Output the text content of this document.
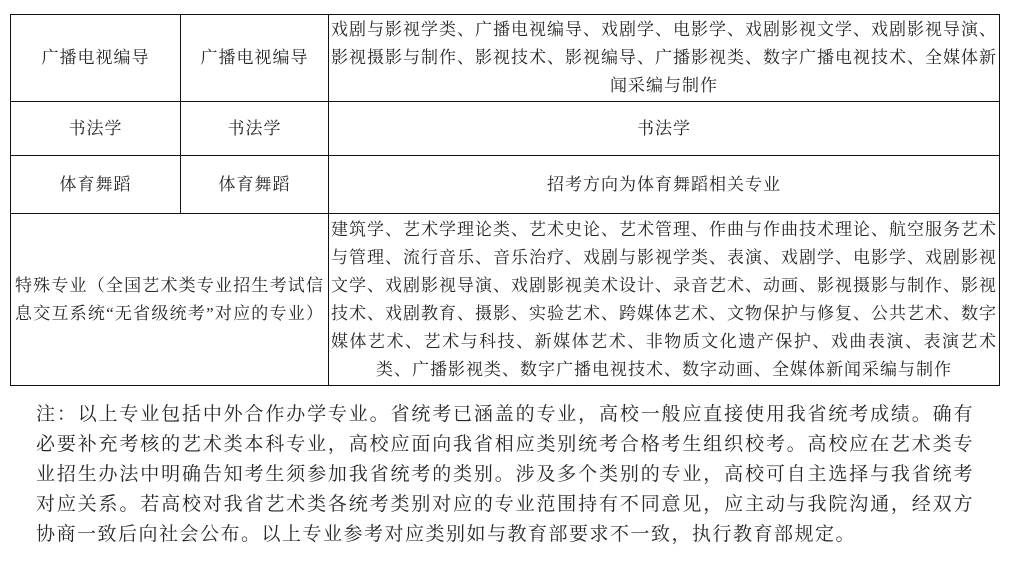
广播电视编导	广播电视编导	戏剧与影视学类、广播电视编导、戏剧学、电影学、戏剧影视文学、戏剧影视导演、影视摄影与制作、影视技术、影视编导、广播影视类、数字广播电视技术、全媒体新闻采编与制作
书法学	书法学	书法学
体育舞蹈	体育舞蹈	招考方向为体育舞蹈相关专业
特殊专业（全国艺术类专业招生考试信息交互系统“无省级统考”对应的专业）		建筑学、艺术学理论类、艺术史论、艺术管理、作曲与作曲技术理论、航空服务艺术与管理、流行音乐、音乐治疗、戏剧与影视学类、表演、戏剧学、电影学、戏剧影视文学、戏剧影视导演、戏剧影视美术设计、录音艺术、动画、影视摄影与制作、影视技术、戏剧教育、摄影、实验艺术、跨媒体艺术、文物保护与修复、公共艺术、数字媒体艺术、艺术与科技、新媒体艺术、非物质文化遗产保护、戏曲表演、表演艺术类、广播影视类、数字广播电视技术、数字动画、全媒体新闻采编与制作
注：以上专业包括中外合作办学专业。省统考已涵盖的专业，高校一般应直接使用我省统考成绩。确有必要补充考核的艺术类本科专业，高校应面向我省相应类别统考合格考生组织校考。高校应在艺术类专业招生办法中明确告知考生须参加我省统考的类别。涉及多个类别的专业，高校可自主选择与我省统考对应关系。若高校对我省艺术类各统考类别对应的专业范围持有不同意见，应主动与我院沟通，经双方协商一致后向社会公布。以上专业参考对应类别如与教育部要求不一致，执行教育部规定。
